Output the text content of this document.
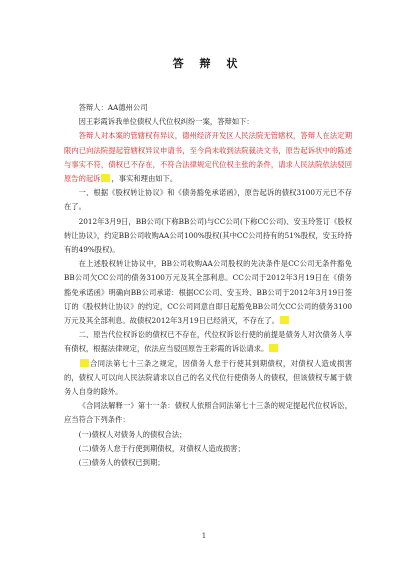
答 辩 状

答辩人：AA德州公司

因王彩霞诉我单位债权人代位权纠纷一案，答辩如下：

答辩人对本案的管辖权有异议，德州经济开发区人民法院无管辖权，答辩人在法定期限内已向法院提起管辖权异议申请书，至今尚未收到法院裁决文书，原告起诉状中的陈述与事实不符，债权已不存在，不符合法律规定代位权主张的条件，请求人民法院依法驳回原告的起诉 ，事实和理由如下。

一、根据《股权转让协议》和《债务豁免承诺函》，原告起诉的债权3100万元已不存在了。

2012年3月9日，BB公司(下称BB公司)与CC公司(下称CC公司)、安玉玲签订《股权转让协议》，约定BB公司收购AA公司100%股权(其中CC公司持有的51%股权，安玉玲持有的49%股权)。

在上述股权转让协议中，BB公司收购AA公司股权的先决条件是CC公司无条件豁免BB公司欠CC公司的债务3100万元及其全部利息。CC公司于2012年3月19日在《债务豁免承诺函》明确向BB公司承诺：根据CC公司、安玉玲、BB公司于2012年3月19日签订的《股权转让协议》的约定，CC公司同意自即日起豁免BB公司欠CC公司的债务3100万元及其全部利息。故债权2012年3月19日已经消灭，不存在了。

二、原告代位权诉讼的债权已不存在，代位权诉讼行使的前提是债务人对次债务人享有债权，根据法律规定，依法应当驳回原告王彩霞的诉讼请求。

合同法第七十三条之规定，因债务人怠于行使其到期债权，对债权人造成损害的，债权人可以向人民法院请求以自己的名义代位行使债务人的债权，但该债权专属于债务人自身的除外。

《合同法解释一》第十一条：债权人依照合同法第七十三条的规定提起代位权诉讼，应当符合下列条件：

(一)债权人对债务人的债权合法；

(二)债务人怠于行使到期债权，对债权人造成损害；

(三)债务人的债权已到期；

1
